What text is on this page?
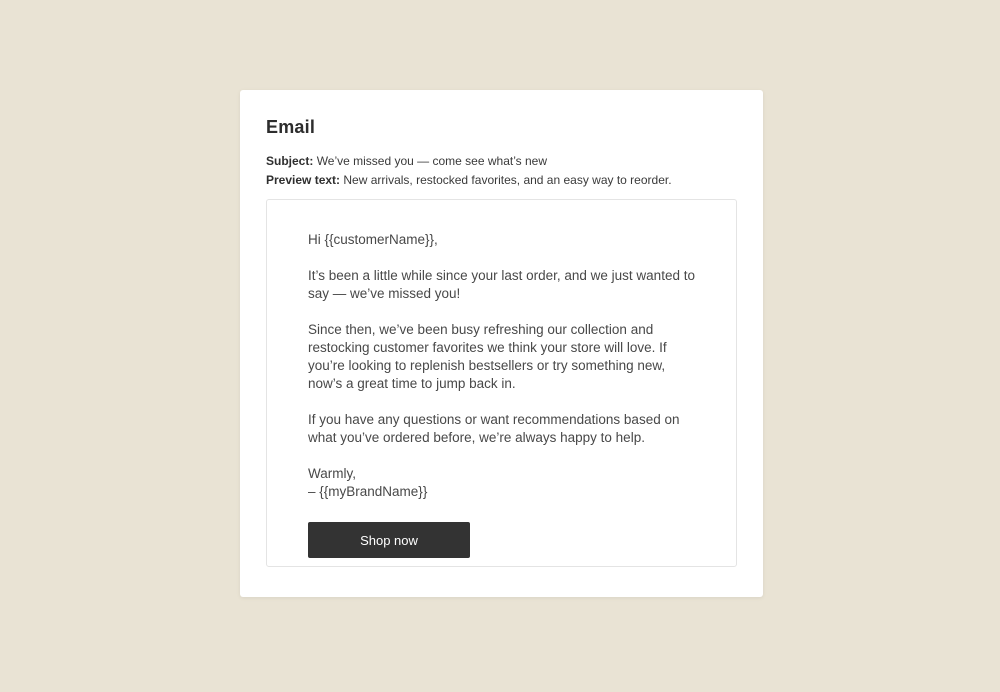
Email

Subject: We’ve missed you — come see what’s new

Preview text: New arrivals, restocked favorites, and an easy way to reorder.

Hi {{customerName}},

It’s been a little while since your last order, and we just wanted to say — we’ve missed you!

Since then, we’ve been busy refreshing our collection and restocking customer favorites we think your store will love. If you’re looking to replenish bestsellers or try something new, now’s a great time to jump back in.

If you have any questions or want recommendations based on what you’ve ordered before, we’re always happy to help.

Warmly,
– {{myBrandName}}

Shop now
